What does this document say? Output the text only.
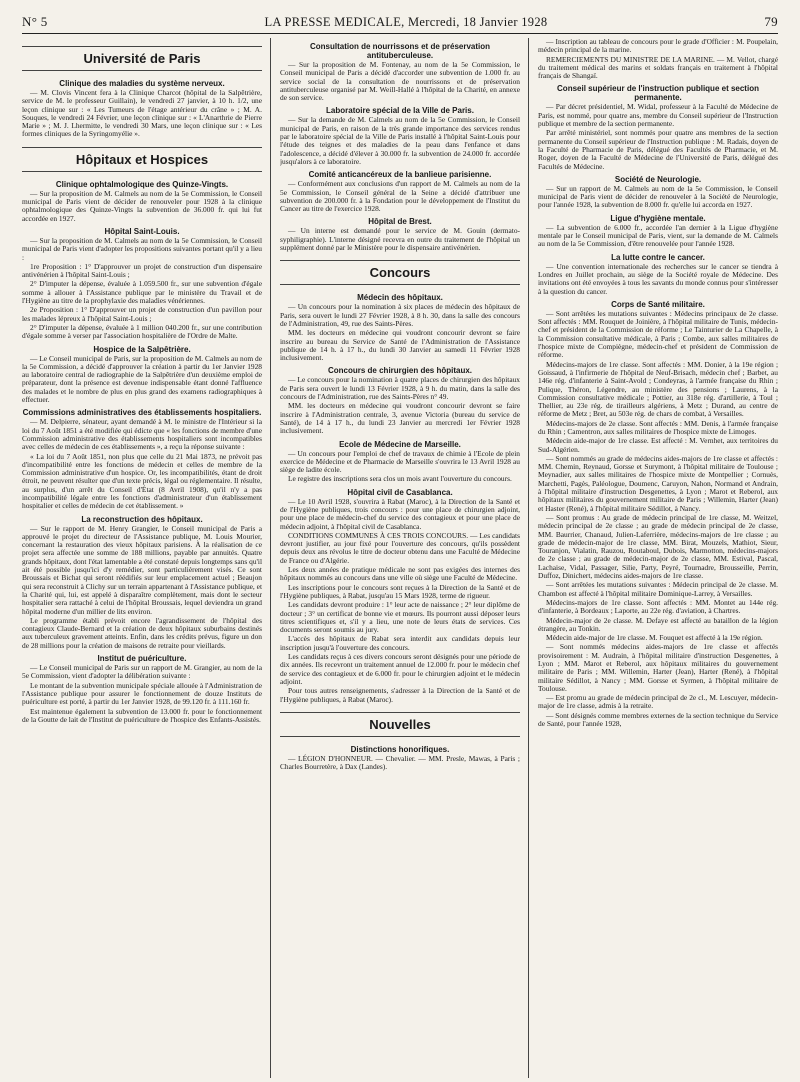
N° 5	LA PRESSE MEDICALE, Mercredi, 18 Janvier 1928	79
Université de Paris
Clinique des maladies du système nerveux.

— M. Clovis Vincent fera à la Clinique Charcot (hôpital de la Salpêtrière, service de M. le professeur Guillain), le vendredi 27 janvier, à 10 h. 1/2, une leçon clinique sur : « Les Tumeurs de l'étage antérieur du crâne » ; M. A. Souques, le vendredi 24 Février, une leçon clinique sur : « L'Anarthrie de Pierre Marie » ; M. J. Lhermitte, le vendredi 30 Mars, une leçon clinique sur : « Les formes cliniques de la Syringomyélie ».

Hôpitaux et Hospices
Clinique ophtalmologique des Quinze-Vingts.

— Sur la proposition de M. Calmels au nom de la 5e Commission, le Conseil municipal de Paris vient de décider de renouveler pour 1928 à la clinique ophtalmologique des Quinze-Vingts la subvention de 36.000 fr. qui lui fut accordée en 1927.

Hôpital Saint-Louis.

— Sur la proposition de M. Calmels au nom de la 5e Commission, le Conseil municipal de Paris vient d'adopter les propositions suivantes portant qu'il y a lieu :

1re Proposition : 1° D'approuver un projet de construction d'un dispensaire antivénérien à l'hôpital Saint-Louis ;

2° D'imputer la dépense, évaluée à 1.059.500 fr., sur une subvention d'égale somme à allouer à l'Assistance publique par le ministère du Travail et de l'Hygiène au titre de la prophylaxie des maladies vénériennes.

2e Proposition : 1° D'approuver un projet de construction d'un pavillon pour les malades lépreux à l'hôpital Saint-Louis ;

2° D'imputer la dépense, évaluée à 1 million 040.200 fr., sur une contribution d'égale somme à verser par l'association hospitalière de l'Ordre de Malte.

Hospice de la Salpêtrière.

— Le Conseil municipal de Paris, sur la proposition de M. Calmels au nom de la 5e Commission, a décidé d'approuver la création à partir du 1er Janvier 1928 au laboratoire central de radiographie de la Salpêtrière d'un deuxième emploi de préparateur, dont la présence est devenue indispensable étant donné l'affluence des malades et le nombre de plus en plus grand des examens radiographiques à effectuer.

Commissions administratives des établissements hospitaliers.

— M. Delpierre, sénateur, ayant demandé à M. le ministre de l'Intérieur si la loi du 7 Août 1851 a été modifiée qui édicte que « les fonctions de membre d'une Commission administrative des établissements hospitaliers sont incompatibles avec celles de médecin de ces établissements », a reçu la réponse suivante :

« La loi du 7 Août 1851, non plus que celle du 21 Mai 1873, ne prévoit pas d'incompatibilité entre les fonctions de médecin et celles de membre de la Commission administrative d'un hospice. Or, les incompatibilités, étant de droit étroit, ne peuvent résulter que d'un texte précis, légal ou réglementaire. Il résulte, au surplus, d'un arrêt du Conseil d'État (8 Avril 1908), qu'il n'y a pas incompatibilité légale entre les fonctions d'administrateur d'un établissement hospitalier et celles de médecin de cet établissement. »

La reconstruction des hôpitaux.

— Sur le rapport de M. Henry Grangier, le Conseil municipal de Paris a approuvé le projet du directeur de l'Assistance publique, M. Louis Mourier, concernant la restauration des vieux hôpitaux parisiens. À la réalisation de ce projet sera affectée une somme de 188 millions, payable par annuités. Quatre grands hôpitaux, dont l'état lamentable a été constaté depuis longtemps sans qu'il ait été possible jusqu'ici d'y remédier, sont particulièrement visés. Ce sont Broussais et Bichat qui seront réédifiés sur leur emplacement actuel ; Beaujon qui sera reconstruit à Clichy sur un terrain appartenant à l'Assistance publique, et la Charité qui, lui, est appelé à disparaître complètement, mais dont le secteur hospitalier sera rattaché à celui de l'hôpital Broussais, lequel deviendra un grand hôpital moderne d'un millier de lits environ.

Le programme établi prévoit encore l'agrandissement de l'hôpital des contagieux Claude-Bernard et la création de deux hôpitaux suburbains destinés aux tuberculeux gravement atteints. Enfin, dans les crédits prévus, figure un don de 28 millions pour la création de maisons de retraite pour vieillards.

Institut de puériculture.

— Le Conseil municipal de Paris sur un rapport de M. Grangier, au nom de la 5e Commission, vient d'adopter la délibération suivante :

Le montant de la subvention municipale spéciale allouée à l'Administration de l'Assistance publique pour assurer le fonctionnement de douze Instituts de puériculture est porté, à partir du 1er Janvier 1928, de 99.120 fr. à 111.160 fr.

Est maintenue également la subvention de 13.000 fr. pour le fonctionnement de la Goutte de lait de l'Institut de puériculture de l'hospice des Enfants-Assistés.

Consultation de nourrissons et de préservation antituberculeuse.

— Sur la proposition de M. Fontenay, au nom de la 5e Commission, le Conseil municipal de Paris a décidé d'accorder une subvention de 1.000 fr. au service social de la consultation de nourrissons et de préservation antituberculeuse organisé par M. Weill-Hallé à l'hôpital de la Charité, en annexe de son service.

Laboratoire spécial de la Ville de Paris.

— Sur la demande de M. Calmels au nom de la 5e Commission, le Conseil municipal de Paris, en raison de la très grande importance des services rendus par le laboratoire spécial de la Ville de Paris installé à l'hôpital Saint-Louis pour l'étude des teignes et des maladies de la peau dans l'enfance et dans l'adolescence, a décidé d'élever à 30.000 fr. la subvention de 24.000 fr. accordée jusqu'alors à ce laboratoire.

Comité anticancéreux de la banlieue parisienne.

— Conformément aux conclusions d'un rapport de M. Calmels au nom de la 5e Commission, le Conseil général de la Seine a décidé d'attribuer une subvention de 200.000 fr. à la Fondation pour le développement de l'Institut du Cancer au titre de l'exercice 1928.

Hôpital de Brest.

— Un interne est demandé pour le service de M. Gouin (dermato-syphiligraphie). L'interne désigné recevra en outre du traitement de l'hôpital un supplément donné par le Ministère pour le dispensaire antivénérien.

Concours
Médecin des hôpitaux.

— Un concours pour la nomination à six places de médecin des hôpitaux de Paris, sera ouvert le lundi 27 Février 1928, à 8 h. 30, dans la salle des concours de l'Administration, 49, rue des Saints-Pères.

MM. les docteurs en médecine qui voudront concourir devront se faire inscrire au bureau du Service de Santé de l'Administration de l'Assistance publique de 14 h. à 17 h., du lundi 30 Janvier au samedi 11 Février 1928 inclusivement.

Concours de chirurgien des hôpitaux.

— Le concours pour la nomination à quatre places de chirurgien des hôpitaux de Paris sera ouvert le lundi 13 Février 1928, à 9 h. du matin, dans la salle des concours de l'Administration, rue des Saints-Pères n° 49.

MM. les docteurs en médecine qui voudront concourir devront se faire inscrire à l'Administration centrale, 3, avenue Victoria (bureau du service de Santé), de 14 à 17 h., du lundi 23 Janvier au mercredi 1er Février 1928 inclusivement.

Ecole de Médecine de Marseille.

— Un concours pour l'emploi de chef de travaux de chimie à l'Ecole de plein exercice de Médecine et de Pharmacie de Marseille s'ouvrira le 13 Avril 1928 au siège de ladite école.

Le registre des inscriptions sera clos un mois avant l'ouverture du concours.

Hôpital civil de Casablanca.

— Le 10 Avril 1928, s'ouvrira à Rabat (Maroc), à la Direction de la Santé et de l'Hygiène publiques, trois concours : pour une place de chirurgien adjoint, pour une place de médecin-chef du service des contagieux et pour une place de médecin adjoint, à l'hôpital civil de Casablanca.

CONDITIONS COMMUNES À CES TROIS CONCOURS. — Les candidats devront justifier, au jour fixé pour l'ouverture des concours, qu'ils possèdent depuis deux ans révolus le titre de docteur obtenu dans une Faculté de Médecine de France ou d'Algérie.

Les deux années de pratique médicale ne sont pas exigées des internes des hôpitaux nommés au concours dans une ville où siège une Faculté de Médecine.

Les inscriptions pour le concours sont reçues à la Direction de la Santé et de l'Hygiène publiques, à Rabat, jusqu'au 15 Mars 1928, terme de rigueur.

Les candidats devront produire : 1° leur acte de naissance ; 2° leur diplôme de docteur ; 3° un certificat de bonne vie et mœurs. Ils pourront aussi déposer leurs titres scientifiques et, s'il y a lieu, une note de leurs états de services. Ces documents seront soumis au jury.

L'accès des hôpitaux de Rabat sera interdit aux candidats depuis leur inscription jusqu'à l'ouverture des concours.

Les candidats reçus à ces divers concours seront désignés pour une période de dix années. Ils recevront un traitement annuel de 12.000 fr. pour le médecin chef de service des contagieux et de 6.000 fr. pour le chirurgien adjoint et le médecin adjoint.

Pour tous autres renseignements, s'adresser à la Direction de la Santé et de l'Hygiène publiques, à Rabat (Maroc).

Nouvelles
Distinctions honorifiques.

— LÉGION D'HONNEUR. — Chevalier. — MM. Presle, Mawas, à Paris ; Charles Bourretère, à Dax (Landes).

— Inscription au tableau de concours pour le grade d'Officier : M. Poupelain, médecin principal de la marine.

REMERCIEMENTS DU MINISTRE DE LA MARINE. — M. Vellot, chargé du traitement médical des marins et soldats français en traitement à l'hôpital français de Shangaï.

Conseil supérieur de l'instruction publique et section permanente.

— Par décret présidentiel, M. Widal, professeur à la Faculté de Médecine de Paris, est nommé, pour quatre ans, membre du Conseil supérieur de l'Instruction publique et membre de la section permanente.

Par arrêté ministériel, sont nommés pour quatre ans membres de la section permanente du Conseil supérieur de l'Instruction publique : M. Radais, doyen de la Faculté de Pharmacie de Paris, délégué des Facultés de Pharmacie, et M. Roger, doyen de la Faculté de Médecine de l'Université de Paris, délégué des Facultés de Médecine.

Société de Neurologie.

— Sur un rapport de M. Calmels au nom de la 5e Commission, le Conseil municipal de Paris vient de décider de renouveler à la Société de Neurologie, pour l'année 1928, la subvention de 8.000 fr. qu'elle lui accorda en 1927.

Ligue d'hygiène mentale.

— La subvention de 6.000 fr., accordée l'an dernier à la Ligue d'hygiène mentale par le Conseil municipal de Paris, vient, sur la demande de M. Calmels au nom de la 5e Commission, d'être renouvelée pour l'année 1928.

La lutte contre le cancer.

— Une convention internationale des recherches sur le cancer se tiendra à Londres en Juillet prochain, au siège de la Société royale de Médecine. Des invitations ont été envoyées à tous les savants du monde connus pour s'intéresser à la question du cancer.

Corps de Santé militaire.

— Sont arrêtées les mutations suivantes : Médecins principaux de 2e classe. Sont affectés : MM. Rouquet de Joinière, à l'hôpital militaire de Tunis, médecin-chef et président de la Commission de réforme ; Le Tainturier de La Chapelle, à la Commission consultative médicale, à Paris ; Combe, aux salles militaires de l'hospice mixte de Compiègne, médecin-chef et président de Commission de réforme.

Médecins-majors de 1re classe. Sont affectés : MM. Donier, à la 19e région ; Goissaud, à l'infirmerie de l'hôpital de Neuf-Brisach, médecin chef ; Barbet, au 146e rég. d'infanterie à Saint-Avold ; Condeyras, à l'armée française du Rhin ; Pulique, Théron, Légendre, au ministère des pensions ; Laurens, à la Commission consultative médicale ; Pottier, au 318e rég. d'artillerie, à Toul ; Thellier, au 23e rég. de tirailleurs algériens, à Metz ; Durand, au centre de réforme de Metz ; Bret, au 503e rég. de chars de combat, à Versailles.

Médecins-majors de 2e classe. Sont affectés : MM. Denis, à l'armée française du Rhin ; Camentron, aux salles militaires de l'hospice mixte de Limoges.

Médecin aide-major de 1re classe. Est affecté : M. Vernhet, aux territoires du Sud-Algérien.

— Sont nommés au grade de médecins aides-majors de 1re classe et affectés : MM. Chemin, Reynaud, Gorsse et Surymont, à l'hôpital militaire de Toulouse ; Meynadier, aux salles militaires de l'hospice mixte de Montpellier ; Cornuès, Marchetti, Pagès, Paléologue, Doumenc, Caruyon, Nahon, Normand et Andrain, à l'hôpital militaire d'instruction Desgenettes, à Lyon ; Marot et Reberol, aux hôpitaux militaires du gouvernement militaire de Paris ; Willemin, Harter (Jean) et Haster (René), à l'hôpital militaire Sédillot, à Nancy.

— Sont promus : Au grade de médecin principal de 1re classe, M. Weitzel, médecin principal de 2e classe ; au grade de médecin principal de 2e classe, MM. Baurrier, Chanaud, Julien-Laferrière, médecins-majors de 1re classe ; au grade de médecin-major de 1re classe, MM. Birat, Mouzels, Mathiot, Sieur, Touranjon, Vialatin, Rauzou, Routaboul, Dubois, Marmotton, médecins-majors de 2e classe ; au grade de médecin-major de 2e classe, MM. Estival, Pascal, Lachaise, Vidal, Passager, Silie, Party, Peyré, Tournadre, Brousseille, Perrin, Duffoz, Dinichert, médecins aides-majors de 1re classe.

— Sont arrêtées les mutations suivantes : Médecin principal de 2e classe. M. Chambon est affecté à l'hôpital militaire Dominique-Larrey, à Versailles.

Médecins-majors de 1re classe. Sont affectés : MM. Montet au 144e rég. d'infanterie, à Bordeaux ; Laporte, au 22e rég. d'aviation, à Chartres.

Médecin-major de 2e classe. M. Defaye est affecté au bataillon de la légion étrangère, au Tonkin.

Médecin aide-major de 1re classe. M. Fouquet est affecté à la 19e région.

— Sont nommés médecins aides-majors de 1re classe et affectés provisoirement : M. Audrain, à l'hôpital militaire d'instruction Desgenettes, à Lyon ; MM. Marot et Reberol, aux hôpitaux militaires du gouvernement militaire de Paris ; MM. Willemin, Harter (Jean), Harter (René), à l'hôpital militaire Sédillot, à Nancy ; MM. Gorsse et Syrmen, à l'hôpital militaire de Toulouse.

— Est promu au grade de médecin principal de 2e cl., M. Lescuyer, médecin-major de 1re classe, admis à la retraite.

— Sont désignés comme membres externes de la section technique du Service de Santé, pour l'année 1928,
